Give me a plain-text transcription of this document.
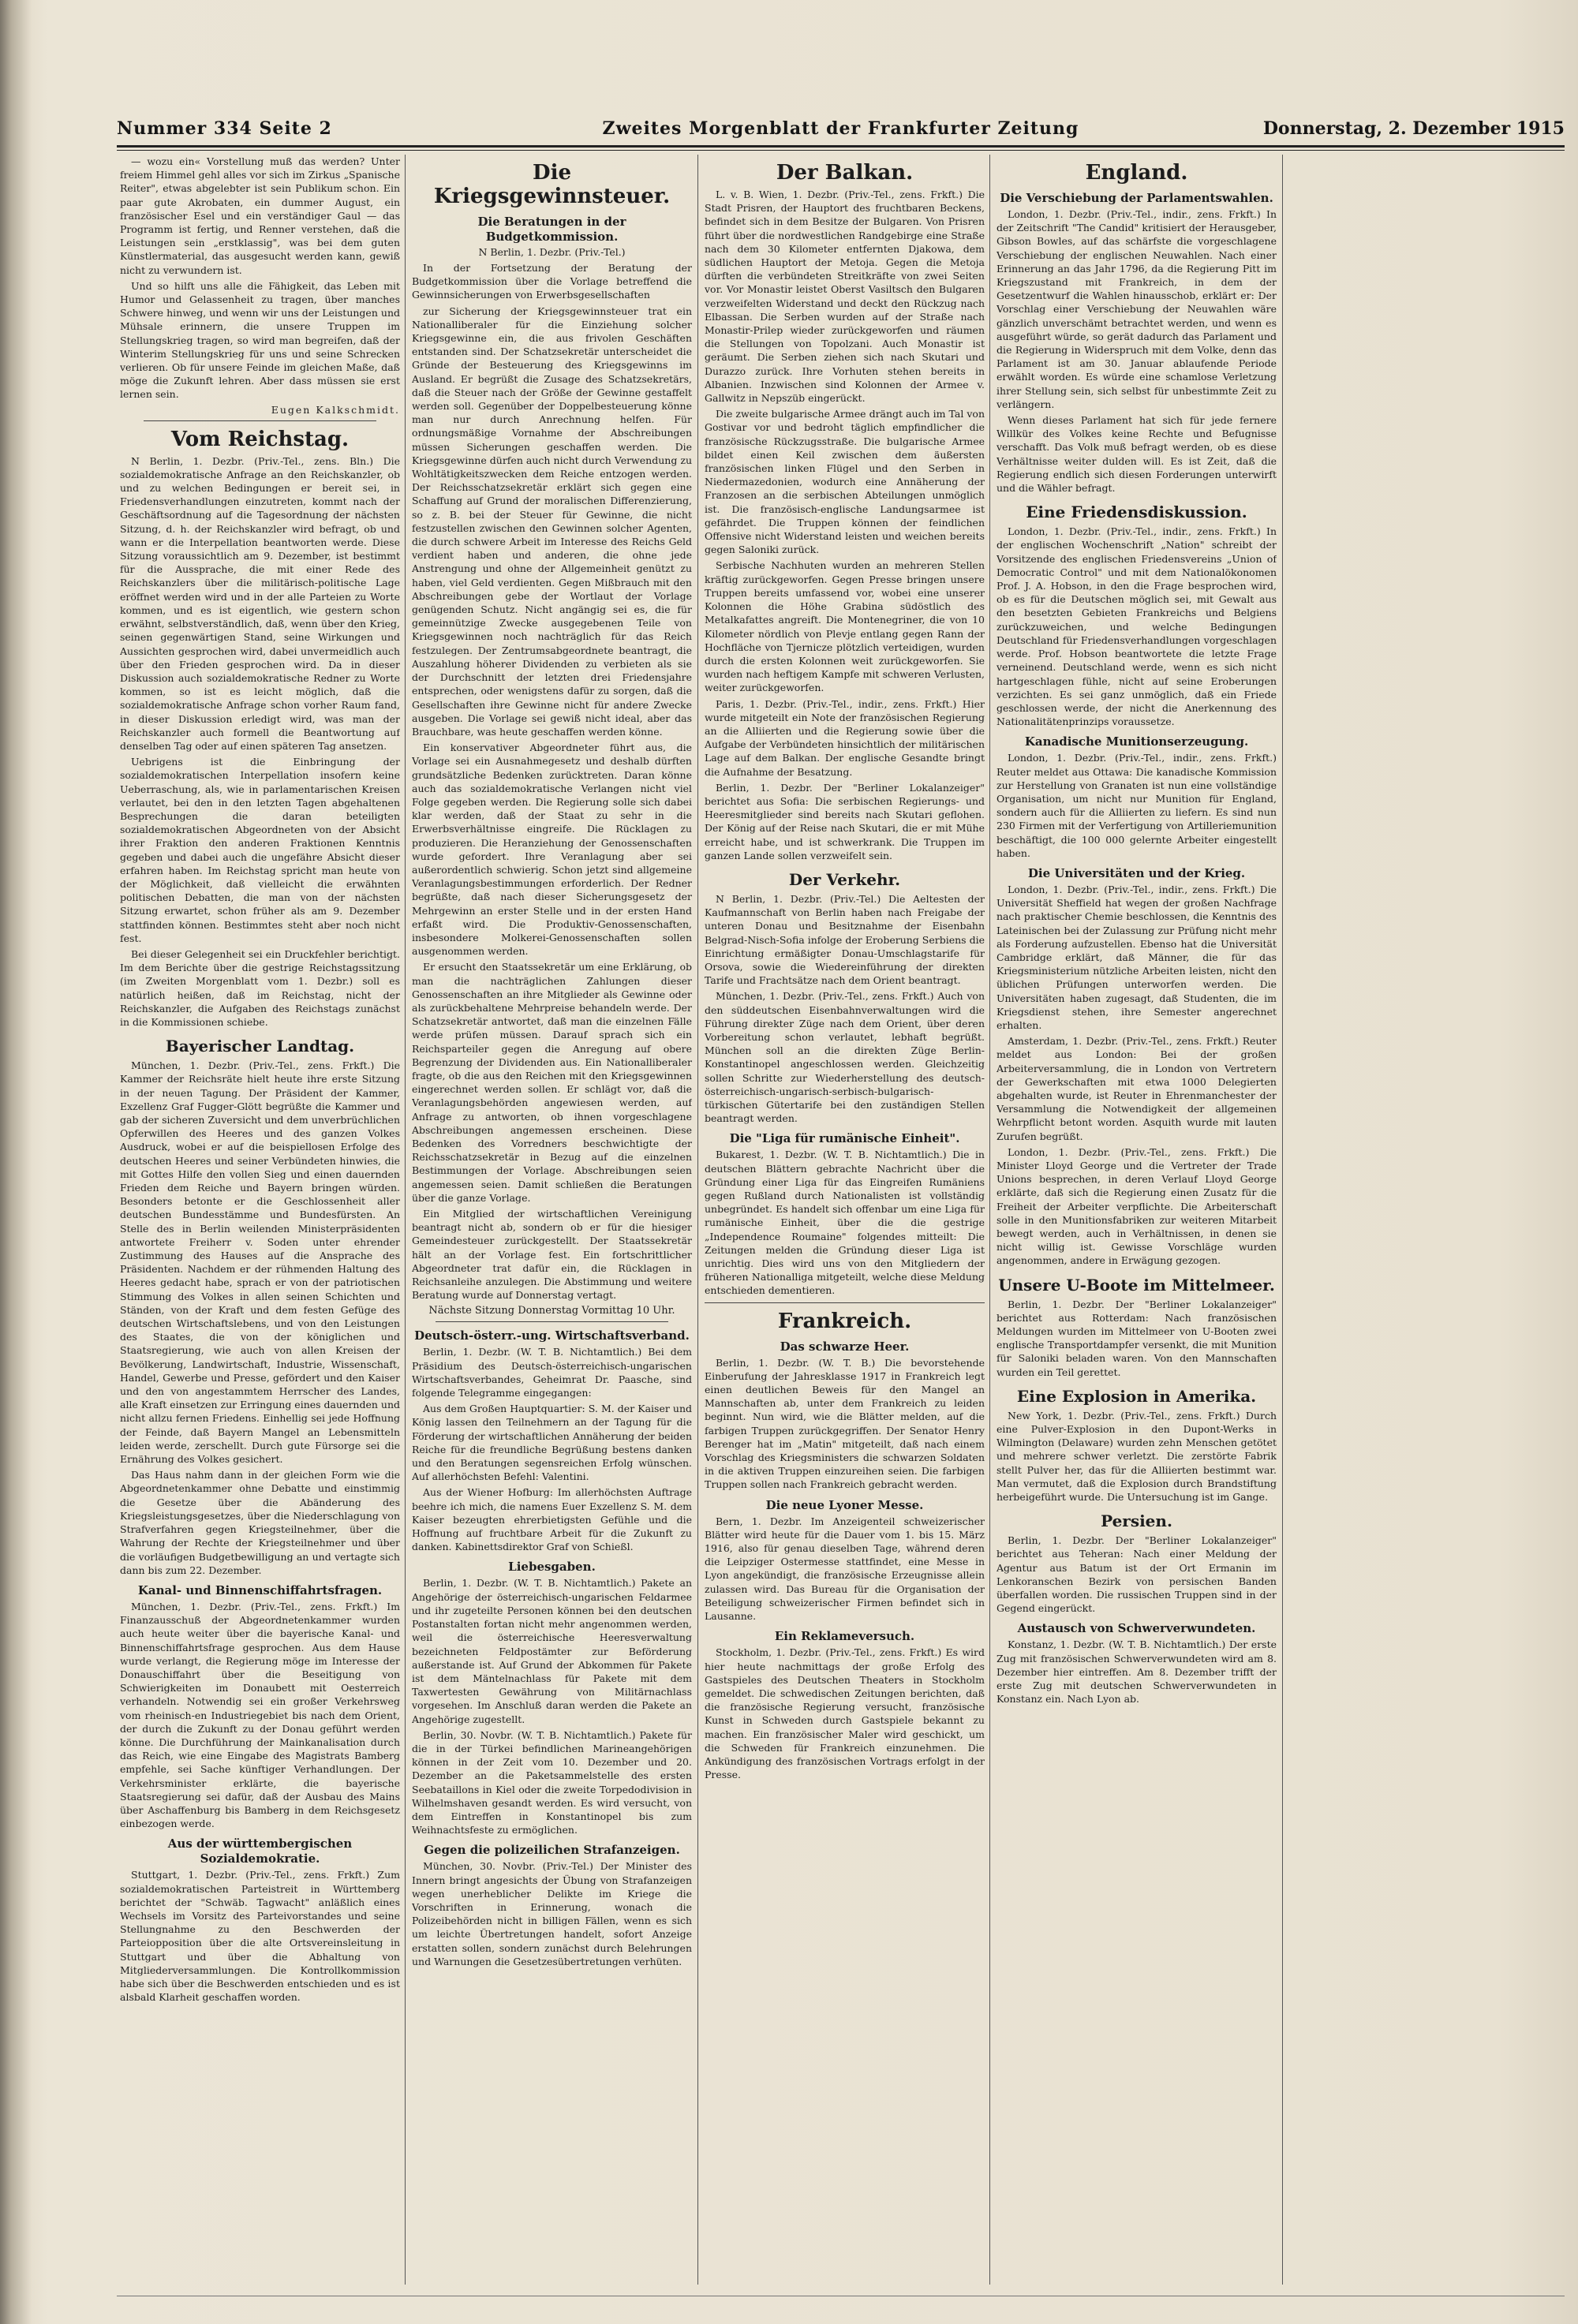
Nummer 334 Seite 2	Zweites Morgenblatt der Frankfurter Zeitung	Donnerstag, 2. Dezember 1915

— wozu ein« Vorstellung muß das werden? Unter freiem Himmel gehl alles vor sich im Zirkus „Spanische Reiter", etwas abgelebter ist sein Publikum schon. Ein paar gute Akrobaten, ein dummer August, ein französischer Esel und ein verständiger Gaul — das Programm ist fertig, und Renner verstehen, daß die Leistungen sein „erstklassig", was bei dem guten Künstlermaterial, das ausgesucht werden kann, gewiß nicht zu verwundern ist.

Und so hilft uns alle die Fähigkeit, das Leben mit Humor und Gelassenheit zu tragen, über manches Schwere hinweg, und wenn wir uns der Leistungen und Mühsale erinnern, die unsere Truppen im Stellungskrieg tragen, so wird man begreifen, daß der Winterim Stellungskrieg für uns und seine Schrecken verlieren. Ob für unsere Feinde im gleichen Maße, daß möge die Zukunft lehren. Aber dass müssen sie erst lernen sein.

Eugen Kalkschmidt.
Vom Reichstag.

N Berlin, 1. Dezbr. (Priv.-Tel., zens. Bln.) Die sozialdemokratische Anfrage an den Reichskanzler, ob und zu welchen Bedingungen er bereit sei, in Friedensverhandlungen einzutreten, kommt nach der Geschäftsordnung auf die Tagesordnung der nächsten Sitzung, d. h. der Reichskanzler wird befragt, ob und wann er die Interpellation beantworten werde. Diese Sitzung voraussichtlich am 9. Dezember, ist bestimmt für die Aussprache, die mit einer Rede des Reichskanzlers über die militärisch-politische Lage eröffnet werden wird und in der alle Parteien zu Worte kommen, und es ist eigentlich, wie gestern schon erwähnt, selbstverständlich, daß, wenn über den Krieg, seinen gegenwärtigen Stand, seine Wirkungen und Aussichten gesprochen wird, dabei unvermeidlich auch über den Frieden gesprochen wird. Da in dieser Diskussion auch sozialdemokratische Redner zu Worte kommen, so ist es leicht möglich, daß die sozialdemokratische Anfrage schon vorher Raum fand, in dieser Diskussion erledigt wird, was man der Reichskanzler auch formell die Beantwortung auf denselben Tag oder auf einen späteren Tag ansetzen.

Uebrigens ist die Einbringung der sozialdemokratischen Interpellation insofern keine Ueberraschung, als, wie in parlamentarischen Kreisen verlautet, bei den in den letzten Tagen abgehaltenen Besprechungen die daran beteiligten sozialdemokratischen Abgeordneten von der Absicht ihrer Fraktion den anderen Fraktionen Kenntnis gegeben und dabei auch die ungefähre Absicht dieser erfahren haben. Im Reichstag spricht man heute von der Möglichkeit, daß vielleicht die erwähnten politischen Debatten, die man von der nächsten Sitzung erwartet, schon früher als am 9. Dezember stattfinden können. Bestimmtes steht aber noch nicht fest.

Bei dieser Gelegenheit sei ein Druckfehler berichtigt. Im dem Berichte über die gestrige Reichstagssitzung (im Zweiten Morgenblatt vom 1. Dezbr.) soll es natürlich heißen, daß im Reichstag, nicht der Reichskanzler, die Aufgaben des Reichstags zunächst in die Kommissionen schiebe.

Bayerischer Landtag.

München, 1. Dezbr. (Priv.-Tel., zens. Frkft.) Die Kammer der Reichsräte hielt heute ihre erste Sitzung in der neuen Tagung. Der Präsident der Kammer, Exzellenz Graf Fugger-Glött begrüßte die Kammer und gab der sicheren Zuversicht und dem unverbrüchlichen Opferwillen des Heeres und des ganzen Volkes Ausdruck, wobei er auf die beispiellosen Erfolge des deutschen Heeres und seiner Verbündeten hinwies, die mit Gottes Hilfe den vollen Sieg und einen dauernden Frieden dem Reiche und Bayern bringen würden. Besonders betonte er die Geschlossenheit aller deutschen Bundesstämme und Bundesfürsten. An Stelle des in Berlin weilenden Ministerpräsidenten antwortete Freiherr v. Soden unter ehrender Zustimmung des Hauses auf die Ansprache des Präsidenten. Nachdem er der rühmenden Haltung des Heeres gedacht habe, sprach er von der patriotischen Stimmung des Volkes in allen seinen Schichten und Ständen, von der Kraft und dem festen Gefüge des deutschen Wirtschaftslebens, und von den Leistungen des Staates, die von der königlichen und Staatsregierung, wie auch von allen Kreisen der Bevölkerung, Landwirtschaft, Industrie, Wissenschaft, Handel, Gewerbe und Presse, gefördert und den Kaiser und den von angestammtem Herrscher des Landes, alle Kraft einsetzen zur Erringung eines dauernden und nicht allzu fernen Friedens. Einhellig sei jede Hoffnung der Feinde, daß Bayern Mangel an Lebensmitteln leiden werde, zerschellt. Durch gute Fürsorge sei die Ernährung des Volkes gesichert.

Das Haus nahm dann in der gleichen Form wie die Abgeordnetenkammer ohne Debatte und einstimmig die Gesetze über die Abänderung des Kriegsleistungsgesetzes, über die Niederschlagung von Strafverfahren gegen Kriegsteilnehmer, über die Wahrung der Rechte der Kriegsteilnehmer und über die vorläufigen Budgetbewilligung an und vertagte sich dann bis zum 22. Dezember.

Kanal- und Binnenschiffahrtsfragen.

München, 1. Dezbr. (Priv.-Tel., zens. Frkft.) Im Finanzausschuß der Abgeordnetenkammer wurden auch heute weiter über die bayerische Kanal- und Binnenschiffahrtsfrage gesprochen. Aus dem Hause wurde verlangt, die Regierung möge im Interesse der Donauschiffahrt über die Beseitigung von Schwierigkeiten im Donaubett mit Oesterreich verhandeln. Notwendig sei ein großer Verkehrsweg vom rheinisch-en Industriegebiet bis nach dem Orient, der durch die Zukunft zu der Donau geführt werden könne. Die Durchführung der Mainkanalisation durch das Reich, wie eine Eingabe des Magistrats Bamberg empfehle, sei Sache künftiger Verhandlungen. Der Verkehrsminister erklärte, die bayerische Staatsregierung sei dafür, daß der Ausbau des Mains über Aschaffenburg bis Bamberg in dem Reichsgesetz einbezogen werde.

Aus der württembergischen Sozialdemokratie.

Stuttgart, 1. Dezbr. (Priv.-Tel., zens. Frkft.) Zum sozialdemokratischen Parteistreit in Württemberg berichtet der "Schwäb. Tagwacht" anläßlich eines Wechsels im Vorsitz des Parteivorstandes und seine Stellungnahme zu den Beschwerden der Parteiopposition über die alte Ortsvereinsleitung in Stuttgart und über die Abhaltung von Mitgliederversammlungen. Die Kontrollkommission habe sich über die Beschwerden entschieden und es ist alsbald Klarheit geschaffen worden.

Die Kriegsgewinnsteuer.
Die Beratungen in der Budgetkommission.
N Berlin, 1. Dezbr. (Priv.-Tel.)

In der Fortsetzung der Beratung der Budgetkommission über die Vorlage betreffend die Gewinnsicherungen von Erwerbsgesellschaften

zur Sicherung der Kriegsgewinnsteuer trat ein Nationalliberaler für die Einziehung solcher Kriegsgewinne ein, die aus frivolen Geschäften entstanden sind. Der Schatzsekretär unterscheidet die Gründe der Besteuerung des Kriegsgewinns im Ausland. Er begrüßt die Zusage des Schatzsekretärs, daß die Steuer nach der Größe der Gewinne gestaffelt werden soll. Gegenüber der Doppelbesteuerung könne man nur durch Anrechnung helfen. Für ordnungsmäßige Vornahme der Abschreibungen müssen Sicherungen geschaffen werden. Die Kriegsgewinne dürfen auch nicht durch Verwendung zu Wohltätigkeitszwecken dem Reiche entzogen werden. Der Reichsschatzsekretär erklärt sich gegen eine Schaffung auf Grund der moralischen Differenzierung, so z. B. bei der Steuer für Gewinne, die nicht festzustellen zwischen den Gewinnen solcher Agenten, die durch schwere Arbeit im Interesse des Reichs Geld verdient haben und anderen, die ohne jede Anstrengung und ohne der Allgemeinheit genützt zu haben, viel Geld verdienten. Gegen Mißbrauch mit den Abschreibungen gebe der Wortlaut der Vorlage genügenden Schutz. Nicht angängig sei es, die für gemeinnützige Zwecke ausgegebenen Teile von Kriegsgewinnen noch nachträglich für das Reich festzulegen. Der Zentrumsabgeordnete beantragt, die Auszahlung höherer Dividenden zu verbieten als sie der Durchschnitt der letzten drei Friedensjahre entsprechen, oder wenigstens dafür zu sorgen, daß die Gesellschaften ihre Gewinne nicht für andere Zwecke ausgeben. Die Vorlage sei gewiß nicht ideal, aber das Brauchbare, was heute geschaffen werden könne.

Ein konservativer Abgeordneter führt aus, die Vorlage sei ein Ausnahmegesetz und deshalb dürften grundsätzliche Bedenken zurücktreten. Daran könne auch das sozialdemokratische Verlangen nicht viel Folge gegeben werden. Die Regierung solle sich dabei klar werden, daß der Staat zu sehr in die Erwerbsverhältnisse eingreife. Die Rücklagen zu produzieren. Die Heranziehung der Genossenschaften wurde gefordert. Ihre Veranlagung aber sei außerordentlich schwierig. Schon jetzt sind allgemeine Veranlagungsbestimmungen erforderlich. Der Redner begrüßte, daß nach dieser Sicherungsgesetz der Mehrgewinn an erster Stelle und in der ersten Hand erfaßt wird. Die Produktiv-Genossenschaften, insbesondere Molkerei-Genossenschaften sollen ausgenommen werden.

Er ersucht den Staatssekretär um eine Erklärung, ob man die nachträglichen Zahlungen dieser Genossenschaften an ihre Mitglieder als Gewinne oder als zurückbehaltene Mehrpreise behandeln werde. Der Schatzsekretär antwortet, daß man die einzelnen Fälle werde prüfen müssen. Darauf sprach sich ein Reichsparteiler gegen die Anregung auf obere Begrenzung der Dividenden aus. Ein Nationalliberaler fragte, ob die aus den Reichen mit den Kriegsgewinnen eingerechnet werden sollen. Er schlägt vor, daß die Veranlagungsbehörden angewiesen werden, auf Anfrage zu antworten, ob ihnen vorgeschlagene Abschreibungen angemessen erscheinen. Diese Bedenken des Vorredners beschwichtigte der Reichsschatzsekretär in Bezug auf die einzelnen Bestimmungen der Vorlage. Abschreibungen seien angemessen seien. Damit schließen die Beratungen über die ganze Vorlage.

Ein Mitglied der wirtschaftlichen Vereinigung beantragt nicht ab, sondern ob er für die hiesiger Gemeindesteuer zurückgestellt. Der Staatssekretär hält an der Vorlage fest. Ein fortschrittlicher Abgeordneter trat dafür ein, die Rücklagen in Reichsanleihe anzulegen. Die Abstimmung und weitere Beratung wurde auf Donnerstag vertagt.

Nächste Sitzung Donnerstag Vormittag 10 Uhr.
Deutsch-österr.-ung. Wirtschaftsverband.

Berlin, 1. Dezbr. (W. T. B. Nichtamtlich.) Bei dem Präsidium des Deutsch-österreichisch-ungarischen Wirtschaftsverbandes, Geheimrat Dr. Paasche, sind folgende Telegramme eingegangen:

Aus dem Großen Hauptquartier: S. M. der Kaiser und König lassen den Teilnehmern an der Tagung für die Förderung der wirtschaftlichen Annäherung der beiden Reiche für die freundliche Begrüßung bestens danken und den Beratungen segensreichen Erfolg wünschen. Auf allerhöchsten Befehl: Valentini.

Aus der Wiener Hofburg: Im allerhöchsten Auftrage beehre ich mich, die namens Euer Exzellenz S. M. dem Kaiser bezeugten ehrerbietigsten Gefühle und die Hoffnung auf fruchtbare Arbeit für die Zukunft zu danken. Kabinettsdirektor Graf von Schießl.

Liebesgaben.

Berlin, 1. Dezbr. (W. T. B. Nichtamtlich.) Pakete an Angehörige der österreichisch-ungarischen Feldarmee und ihr zugeteilte Personen können bei den deutschen Postanstalten fortan nicht mehr angenommen werden, weil die österreichische Heeresverwaltung bezeichneten Feldpostämter zur Beförderung außerstande ist. Auf Grund der Abkommen für Pakete ist dem Mäntelnachlass für Pakete mit dem Taxwertesten Gewährung von Militärnachlass vorgesehen. Im Anschluß daran werden die Pakete an Angehörige zugestellt.

Berlin, 30. Novbr. (W. T. B. Nichtamtlich.) Pakete für die in der Türkei befindlichen Marineangehörigen können in der Zeit vom 10. Dezember und 20. Dezember an die Paketsammelstelle des ersten Seebataillons in Kiel oder die zweite Torpedodivision in Wilhelmshaven gesandt werden. Es wird versucht, von dem Eintreffen in Konstantinopel bis zum Weihnachtsfeste zu ermöglichen.

Gegen die polizeilichen Strafanzeigen.

München, 30. Novbr. (Priv.-Tel.) Der Minister des Innern bringt angesichts der Übung von Strafanzeigen wegen unerheblicher Delikte im Kriege die Vorschriften in Erinnerung, wonach die Polizeibehörden nicht in billigen Fällen, wenn es sich um leichte Übertretungen handelt, sofort Anzeige erstatten sollen, sondern zunächst durch Belehrungen und Warnungen die Gesetzesübertretungen verhüten.

Der Balkan.

L. v. B. Wien, 1. Dezbr. (Priv.-Tel., zens. Frkft.) Die Stadt Prisren, der Hauptort des fruchtbaren Beckens, befindet sich in dem Besitze der Bulgaren. Von Prisren führt über die nordwestlichen Randgebirge eine Straße nach dem 30 Kilometer entfernten Djakowa, dem südlichen Hauptort der Metoja. Gegen die Metoja dürften die verbündeten Streitkräfte von zwei Seiten vor. Vor Monastir leistet Oberst Vasiltsch den Bulgaren verzweifelten Widerstand und deckt den Rückzug nach Elbassan. Die Serben wurden auf der Straße nach Monastir-Prilep wieder zurückgeworfen und räumen die Stellungen von Topolzani. Auch Monastir ist geräumt. Die Serben ziehen sich nach Skutari und Durazzo zurück. Ihre Vorhuten stehen bereits in Albanien. Inzwischen sind Kolonnen der Armee v. Gallwitz in Nepszüb eingerückt.

Die zweite bulgarische Armee drängt auch im Tal von Gostivar vor und bedroht täglich empfindlicher die französische Rückzugsstraße. Die bulgarische Armee bildet einen Keil zwischen dem äußersten französischen linken Flügel und den Serben in Niedermazedonien, wodurch eine Annäherung der Franzosen an die serbischen Abteilungen unmöglich ist. Die französisch-englische Landungsarmee ist gefährdet. Die Truppen können der feindlichen Offensive nicht Widerstand leisten und weichen bereits gegen Saloniki zurück.

Serbische Nachhuten wurden an mehreren Stellen kräftig zurückgeworfen. Gegen Presse bringen unsere Truppen bereits umfassend vor, wobei eine unserer Kolonnen die Höhe Grabina südöstlich des Metalkafattes angreift. Die Montenegriner, die von 10 Kilometer nördlich von Plevje entlang gegen Rann der Hochfläche von Tjernicze plötzlich verteidigen, wurden durch die ersten Kolonnen weit zurückgeworfen. Sie wurden nach heftigem Kampfe mit schweren Verlusten, weiter zurückgeworfen.

Paris, 1. Dezbr. (Priv.-Tel., indir., zens. Frkft.) Hier wurde mitgeteilt ein Note der französischen Regierung an die Alliierten und die Regierung sowie über die Aufgabe der Verbündeten hinsichtlich der militärischen Lage auf dem Balkan. Der englische Gesandte bringt die Aufnahme der Besatzung.

Berlin, 1. Dezbr. Der "Berliner Lokalanzeiger" berichtet aus Sofia: Die serbischen Regierungs- und Heeresmitglieder sind bereits nach Skutari geflohen. Der König auf der Reise nach Skutari, die er mit Mühe erreicht habe, und ist schwerkrank. Die Truppen im ganzen Lande sollen verzweifelt sein.

Der Verkehr.

N Berlin, 1. Dezbr. (Priv.-Tel.) Die Aeltesten der Kaufmannschaft von Berlin haben nach Freigabe der unteren Donau und Besitznahme der Eisenbahn Belgrad-Nisch-Sofia infolge der Eroberung Serbiens die Einrichtung ermäßigter Donau-Umschlagstarife für Orsova, sowie die Wiedereinführung der direkten Tarife und Frachtsätze nach dem Orient beantragt.

München, 1. Dezbr. (Priv.-Tel., zens. Frkft.) Auch von den süddeutschen Eisenbahnverwaltungen wird die Führung direkter Züge nach dem Orient, über deren Vorbereitung schon verlautet, lebhaft begrüßt. München soll an die direkten Züge Berlin-Konstantinopel angeschlossen werden. Gleichzeitig sollen Schritte zur Wiederherstellung des deutsch-österreichisch-ungarisch-serbisch-bulgarisch-türkischen Gütertarife bei den zuständigen Stellen beantragt werden.

Die "Liga für rumänische Einheit".

Bukarest, 1. Dezbr. (W. T. B. Nichtamtlich.) Die in deutschen Blättern gebrachte Nachricht über die Gründung einer Liga für das Eingreifen Rumäniens gegen Rußland durch Nationalisten ist vollständig unbegründet. Es handelt sich offenbar um eine Liga für rumänische Einheit, über die die gestrige „Independence Roumaine" folgendes mitteilt: Die Zeitungen melden die Gründung dieser Liga ist unrichtig. Dies wird uns von den Mitgliedern der früheren Nationalliga mitgeteilt, welche diese Meldung entschieden dementieren.

Frankreich.
Das schwarze Heer.

Berlin, 1. Dezbr. (W. T. B.) Die bevorstehende Einberufung der Jahresklasse 1917 in Frankreich legt einen deutlichen Beweis für den Mangel an Mannschaften ab, unter dem Frankreich zu leiden beginnt. Nun wird, wie die Blätter melden, auf die farbigen Truppen zurückgegriffen. Der Senator Henry Berenger hat im „Matin" mitgeteilt, daß nach einem Vorschlag des Kriegsministers die schwarzen Soldaten in die aktiven Truppen einzureihen seien. Die farbigen Truppen sollen nach Frankreich gebracht werden.

Die neue Lyoner Messe.

Bern, 1. Dezbr. Im Anzeigenteil schweizerischer Blätter wird heute für die Dauer vom 1. bis 15. März 1916, also für genau dieselben Tage, während deren die Leipziger Ostermesse stattfindet, eine Messe in Lyon angekündigt, die französische Erzeugnisse allein zulassen wird. Das Bureau für die Organisation der Beteiligung schweizerischer Firmen befindet sich in Lausanne.

Ein Reklameversuch.

Stockholm, 1. Dezbr. (Priv.-Tel., zens. Frkft.) Es wird hier heute nachmittags der große Erfolg des Gastspieles des Deutschen Theaters in Stockholm gemeldet. Die schwedischen Zeitungen berichten, daß die französische Regierung versucht, französische Kunst in Schweden durch Gastspiele bekannt zu machen. Ein französischer Maler wird geschickt, um die Schweden für Frankreich einzunehmen. Die Ankündigung des französischen Vortrags erfolgt in der Presse.

England.
Die Verschiebung der Parlamentswahlen.

London, 1. Dezbr. (Priv.-Tel., indir., zens. Frkft.) In der Zeitschrift "The Candid" kritisiert der Herausgeber, Gibson Bowles, auf das schärfste die vorgeschlagene Verschiebung der englischen Neuwahlen. Nach einer Erinnerung an das Jahr 1796, da die Regierung Pitt im Kriegszustand mit Frankreich, in dem der Gesetzentwurf die Wahlen hinausschob, erklärt er: Der Vorschlag einer Verschiebung der Neuwahlen wäre gänzlich unverschämt betrachtet werden, und wenn es ausgeführt würde, so gerät dadurch das Parlament und die Regierung in Widerspruch mit dem Volke, denn das Parlament ist am 30. Januar ablaufende Periode erwählt worden. Es würde eine schamlose Verletzung ihrer Stellung sein, sich selbst für unbestimmte Zeit zu verlängern.

Wenn dieses Parlament hat sich für jede fernere Willkür des Volkes keine Rechte und Befugnisse verschafft. Das Volk muß befragt werden, ob es diese Verhältnisse weiter dulden will. Es ist Zeit, daß die Regierung endlich sich diesen Forderungen unterwirft und die Wähler befragt.

Eine Friedensdiskussion.

London, 1. Dezbr. (Priv.-Tel., indir., zens. Frkft.) In der englischen Wochenschrift „Nation" schreibt der Vorsitzende des englischen Friedensvereins „Union of Democratic Control" und mit dem Nationalökonomen Prof. J. A. Hobson, in den die Frage besprochen wird, ob es für die Deutschen möglich sei, mit Gewalt aus den besetzten Gebieten Frankreichs und Belgiens zurückzuweichen, und welche Bedingungen Deutschland für Friedensverhandlungen vorgeschlagen werde. Prof. Hobson beantwortete die letzte Frage verneinend. Deutschland werde, wenn es sich nicht hartgeschlagen fühle, nicht auf seine Eroberungen verzichten. Es sei ganz unmöglich, daß ein Friede geschlossen werde, der nicht die Anerkennung des Nationalitätenprinzips voraussetze.

Kanadische Munitionserzeugung.

London, 1. Dezbr. (Priv.-Tel., indir., zens. Frkft.) Reuter meldet aus Ottawa: Die kanadische Kommission zur Herstellung von Granaten ist nun eine vollständige Organisation, um nicht nur Munition für England, sondern auch für die Alliierten zu liefern. Es sind nun 230 Firmen mit der Verfertigung von Artilleriemunition beschäftigt, die 100 000 gelernte Arbeiter eingestellt haben.

Die Universitäten und der Krieg.

London, 1. Dezbr. (Priv.-Tel., indir., zens. Frkft.) Die Universität Sheffield hat wegen der großen Nachfrage nach praktischer Chemie beschlossen, die Kenntnis des Lateinischen bei der Zulassung zur Prüfung nicht mehr als Forderung aufzustellen. Ebenso hat die Universität Cambridge erklärt, daß Männer, die für das Kriegsministerium nützliche Arbeiten leisten, nicht den üblichen Prüfungen unterworfen werden. Die Universitäten haben zugesagt, daß Studenten, die im Kriegsdienst stehen, ihre Semester angerechnet erhalten.

Amsterdam, 1. Dezbr. (Priv.-Tel., zens. Frkft.) Reuter meldet aus London: Bei der großen Arbeiterversammlung, die in London von Vertretern der Gewerkschaften mit etwa 1000 Delegierten abgehalten wurde, ist Reuter in Ehrenmanchester der Versammlung die Notwendigkeit der allgemeinen Wehrpflicht betont worden. Asquith wurde mit lauten Zurufen begrüßt.

London, 1. Dezbr. (Priv.-Tel., zens. Frkft.) Die Minister Lloyd George und die Vertreter der Trade Unions besprechen, in deren Verlauf Lloyd George erklärte, daß sich die Regierung einen Zusatz für die Freiheit der Arbeiter verpflichte. Die Arbeiterschaft solle in den Munitionsfabriken zur weiteren Mitarbeit bewegt werden, auch in Verhältnissen, in denen sie nicht willig ist. Gewisse Vorschläge wurden angenommen, andere in Erwägung gezogen.

Unsere U-Boote im Mittelmeer.

Berlin, 1. Dezbr. Der "Berliner Lokalanzeiger" berichtet aus Rotterdam: Nach französischen Meldungen wurden im Mittelmeer von U-Booten zwei englische Transportdampfer versenkt, die mit Munition für Saloniki beladen waren. Von den Mannschaften wurden ein Teil gerettet.

Eine Explosion in Amerika.

New York, 1. Dezbr. (Priv.-Tel., zens. Frkft.) Durch eine Pulver-Explosion in den Dupont-Werks in Wilmington (Delaware) wurden zehn Menschen getötet und mehrere schwer verletzt. Die zerstörte Fabrik stellt Pulver her, das für die Alliierten bestimmt war. Man vermutet, daß die Explosion durch Brandstiftung herbeigeführt wurde. Die Untersuchung ist im Gange.

Persien.

Berlin, 1. Dezbr. Der "Berliner Lokalanzeiger" berichtet aus Teheran: Nach einer Meldung der Agentur aus Batum ist der Ort Ermanin im Lenkoranschen Bezirk von persischen Banden überfallen worden. Die russischen Truppen sind in der Gegend eingerückt.

Austausch von Schwerverwundeten.

Konstanz, 1. Dezbr. (W. T. B. Nichtamtlich.) Der erste Zug mit französischen Schwerverwundeten wird am 8. Dezember hier eintreffen. Am 8. Dezember trifft der erste Zug mit deutschen Schwerverwundeten in Konstanz ein. Nach Lyon ab.
